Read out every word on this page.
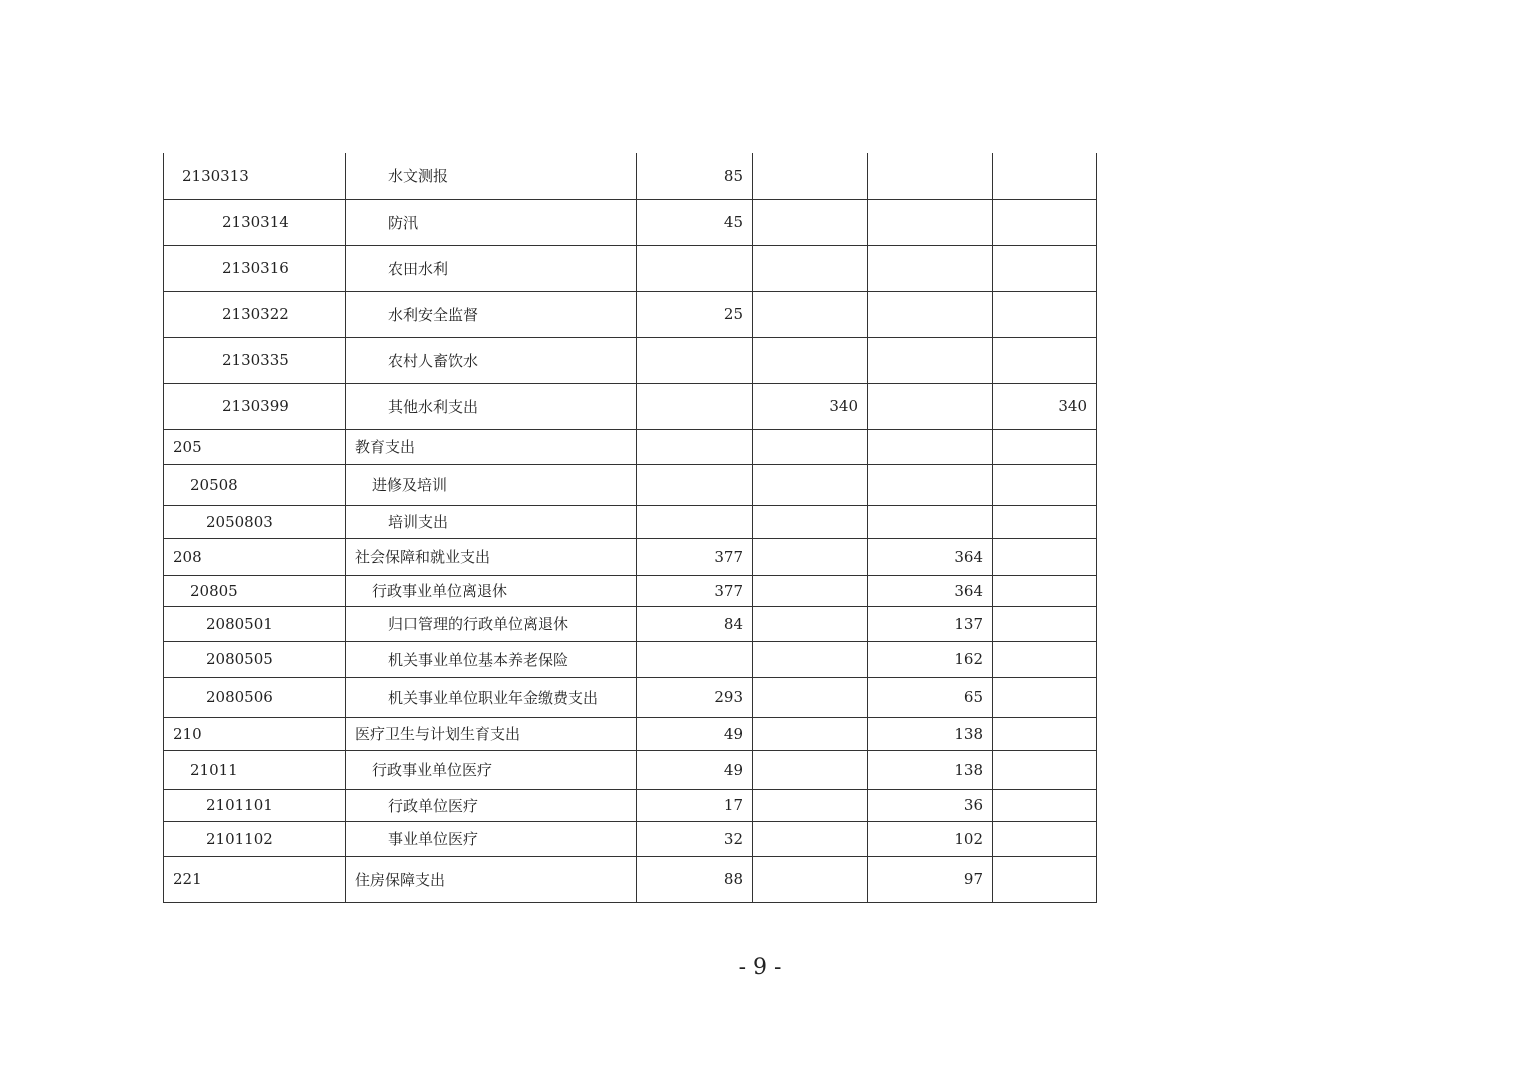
2130313	水文测报	85			
2130314	防汛	45			
2130316	农田水利				
2130322	水利安全监督	25			
2130335	农村人畜饮水				
2130399	其他水利支出		340		340
205	教育支出				
20508	进修及培训				
2050803	培训支出				
208	社会保障和就业支出	377		364	
20805	行政事业单位离退休	377		364	
2080501	归口管理的行政单位离退休	84		137	
2080505	机关事业单位基本养老保险			162	
2080506	机关事业单位职业年金缴费支出	293		65	
210	医疗卫生与计划生育支出	49		138	
21011	行政事业单位医疗	49		138	
2101101	行政单位医疗	17		36	
2101102	事业单位医疗	32		102	
221	住房保障支出	88		97	
- 9 -
